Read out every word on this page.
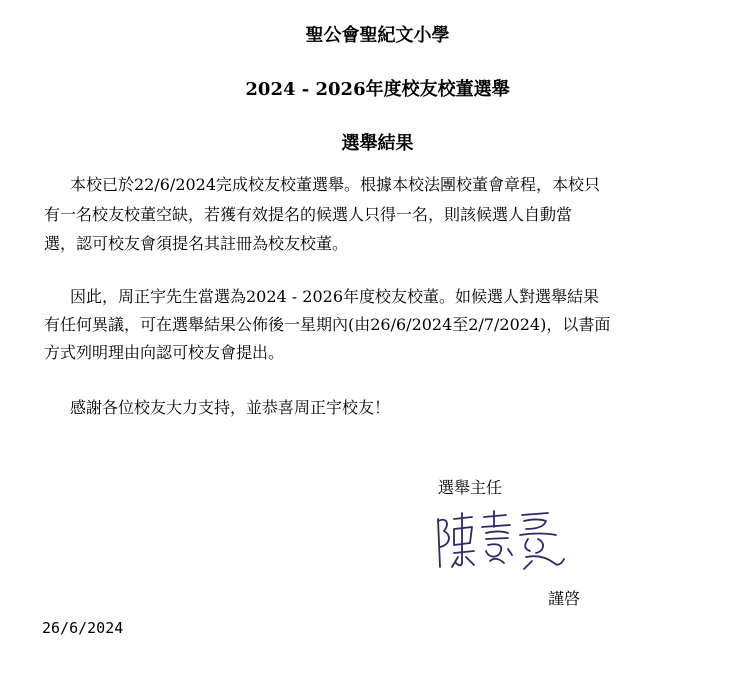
聖公會聖紀文小學
2024 - 2026年度校友校董選舉
選舉結果
本校已於22/6/2024完成校友校董選舉。根據本校法團校董會章程，本校只
有一名校友校董空缺，若獲有效提名的候選人只得一名，則該候選人自動當
選，認可校友會須提名其註冊為校友校董。
因此，周正宇先生當選為2024 - 2026年度校友校董。如候選人對選舉結果
有任何異議，可在選舉結果公佈後一星期內(由26/6/2024至2/7/2024)，以書面
方式列明理由向認可校友會提出。
感謝各位校友大力支持，並恭喜周正宇校友！
選舉主任
謹啓
26/6/2024
